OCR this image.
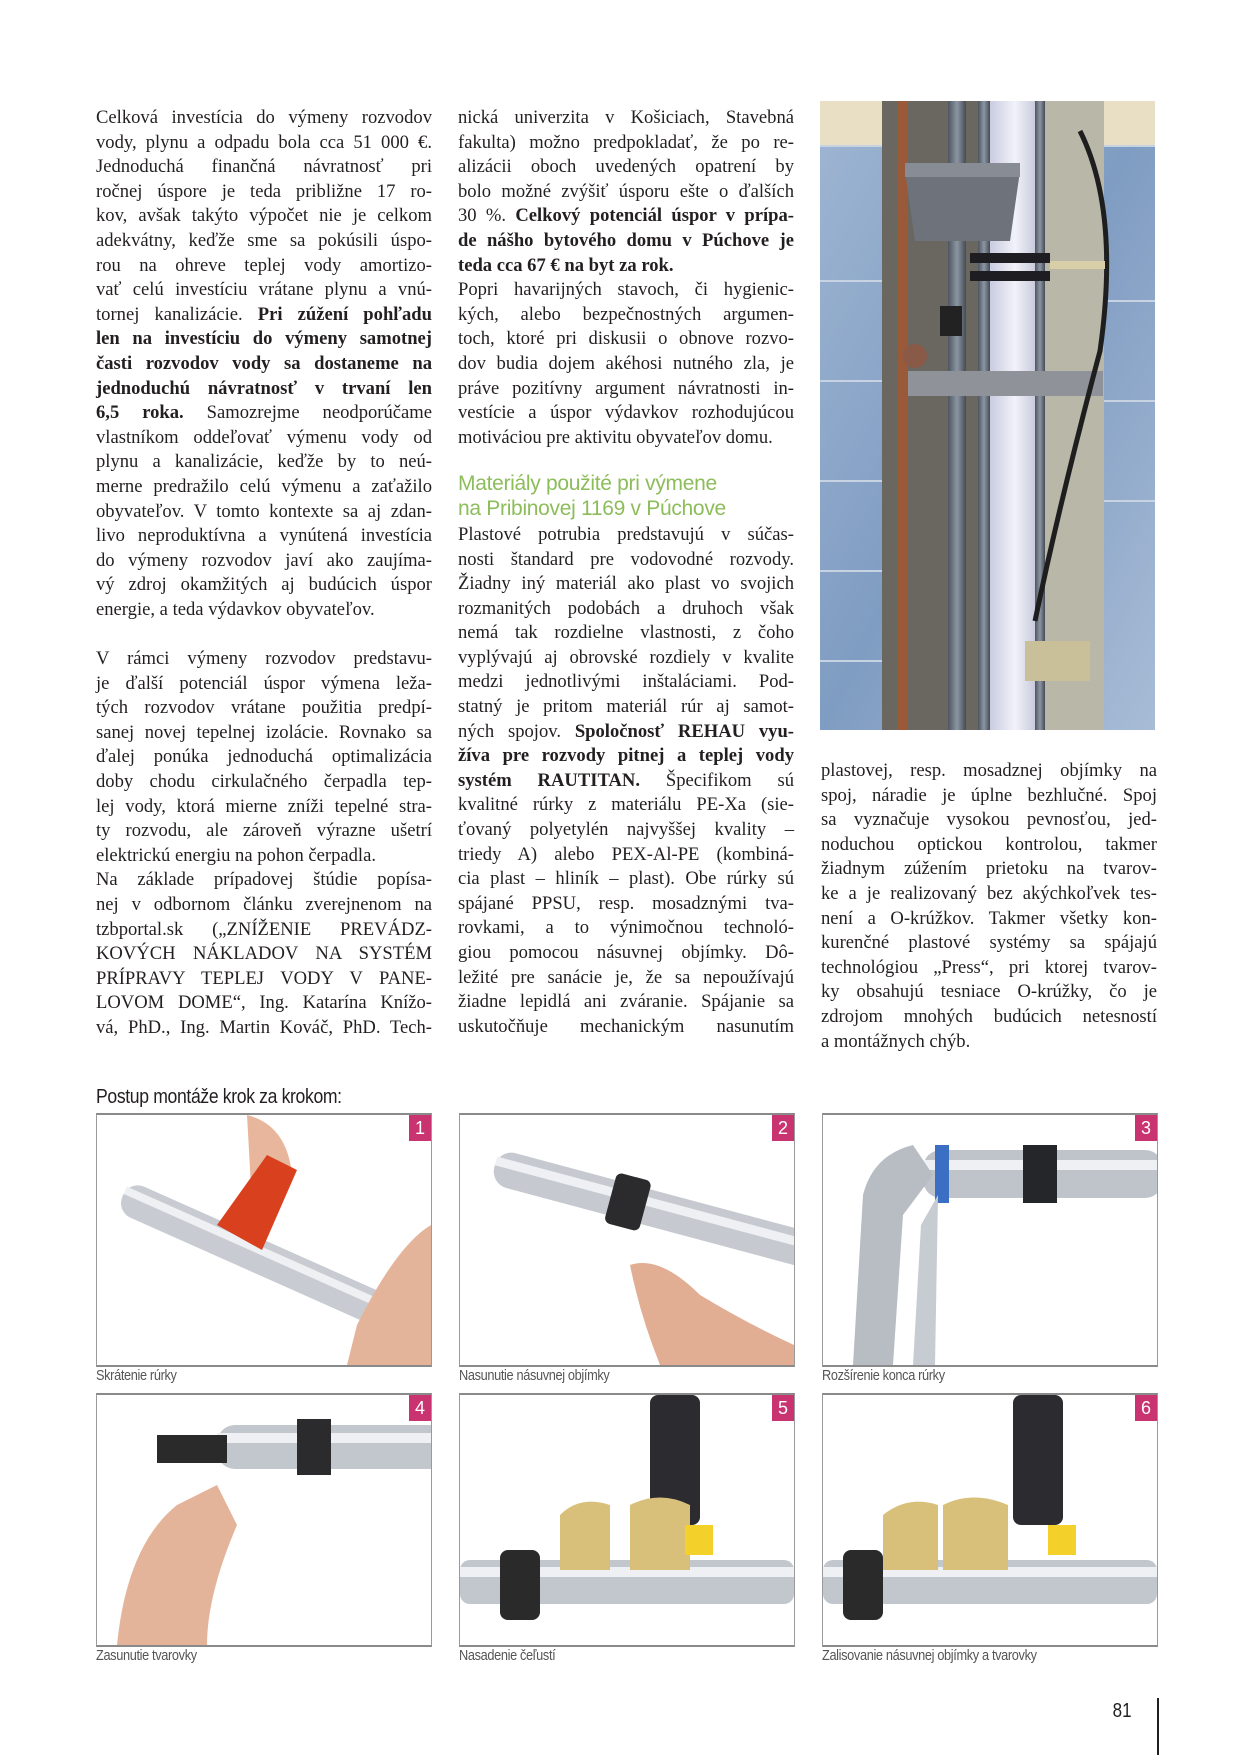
Celková investícia do výmeny rozvodov
vody, plynu a odpadu bola cca 51 000 €.
Jednoduchá finančná návratnosť pri
ročnej úspore je teda približne 17 ro-
kov, avšak takýto výpočet nie je celkom
adekvátny, keďže sme sa pokúsili úspo-
rou na ohreve teplej vody amortizo-
vať celú investíciu vrátane plynu a vnú-
tornej kanalizácie. Pri zúžení pohľadu
len na investíciu do výmeny samotnej
časti rozvodov vody sa dostaneme na
jednoduchú návratnosť v trvaní len
6,5 roka. Samozrejme neodporúčame
vlastníkom oddeľovať výmenu vody od
plynu a kanalizácie, keďže by to neú-
merne predražilo celú výmenu a zaťažilo
obyvateľov. V tomto kontexte sa aj zdan-
livo neproduktívna a vynútená investícia
do výmeny rozvodov javí ako zaujíma-
vý zdroj okamžitých aj budúcich úspor
energie, a teda výdavkov obyvateľov.
V rámci výmeny rozvodov predstavu-
je ďalší potenciál úspor výmena leža-
tých rozvodov vrátane použitia predpí-
sanej novej tepelnej izolácie. Rovnako sa
ďalej ponúka jednoduchá optimalizácia
doby chodu cirkulačného čerpadla tep-
lej vody, ktorá mierne zníži tepelné stra-
ty rozvodu, ale zároveň výrazne ušetrí
elektrickú energiu na pohon čerpadla.
Na základe prípadovej štúdie popísa-
nej v odbornom článku zverejnenom na
tzbportal.sk („ZNÍŽENIE PREVÁDZ-
KOVÝCH NÁKLADOV NA SYSTÉM
PRÍPRAVY TEPLEJ VODY V PANE-
LOVOM DOME“, Ing. Katarína Knížo-
vá, PhD., Ing. Martin Kováč, PhD. Tech-
nická univerzita v Košiciach, Stavebná
fakulta) možno predpokladať, že po re-
alizácii oboch uvedených opatrení by
bolo možné zvýšiť úsporu ešte o ďalších
30 %. Celkový potenciál úspor v prípa-
de nášho bytového domu v Púchove je
teda cca 67 € na byt za rok.
Popri havarijných stavoch, či hygienic-
kých, alebo bezpečnostných argumen-
toch, ktoré pri diskusii o obnove rozvo-
dov budia dojem akéhosi nutného zla, je
práve pozitívny argument návratnosti in-
vestície a úspor výdavkov rozhodujúcou
motiváciou pre aktivitu obyvateľov domu.
Materiály použité pri výmene
na Pribinovej 1169 v Púchove
Plastové potrubia predstavujú v súčas-
nosti štandard pre vodovodné rozvody.
Žiadny iný materiál ako plast vo svojich
rozmanitých podobách a druhoch však
nemá tak rozdielne vlastnosti, z čoho
vyplývajú aj obrovské rozdiely v kvalite
medzi jednotlivými inštaláciami. Pod-
statný je pritom materiál rúr aj samot-
ných spojov. Spoločnosť REHAU vyu-
žíva pre rozvody pitnej a teplej vody
systém RAUTITAN. Špecifikom sú
kvalitné rúrky z materiálu PE-Xa (sie-
ťovaný polyetylén najvyššej kvality –
triedy A) alebo PEX-Al-PE (kombiná-
cia plast – hliník – plast). Obe rúrky sú
spájané PPSU, resp. mosadznými tva-
rovkami, a to výnimočnou technoló-
giou pomocou násuvnej objímky. Dô-
ležité pre sanácie je, že sa nepoužívajú
žiadne lepidlá ani zváranie. Spájanie sa
uskutočňuje mechanickým nasunutím
Postup montáže krok za krokom:
1
Skrátenie rúrky
2
Nasunutie násuvnej objímky
3
Rozšírenie konca rúrky
4
Zasunutie tvarovky
5
Nasadenie čeľustí
6
Zalisovanie násuvnej objímky a tvarovky
81
plastovej, resp. mosadznej objímky na
spoj, náradie je úplne bezhlučné. Spoj
sa vyznačuje vysokou pevnosťou, jed-
noduchou optickou kontrolou, takmer
žiadnym zúžením prietoku na tvarov-
ke a je realizovaný bez akýchkoľvek tes-
není a O-krúžkov. Takmer všetky kon-
kurenčné plastové systémy sa spájajú
technológiou „Press“, pri ktorej tvarov-
ky obsahujú tesniace O-krúžky, čo je
zdrojom mnohých budúcich netesností
a montážnych chýb.
